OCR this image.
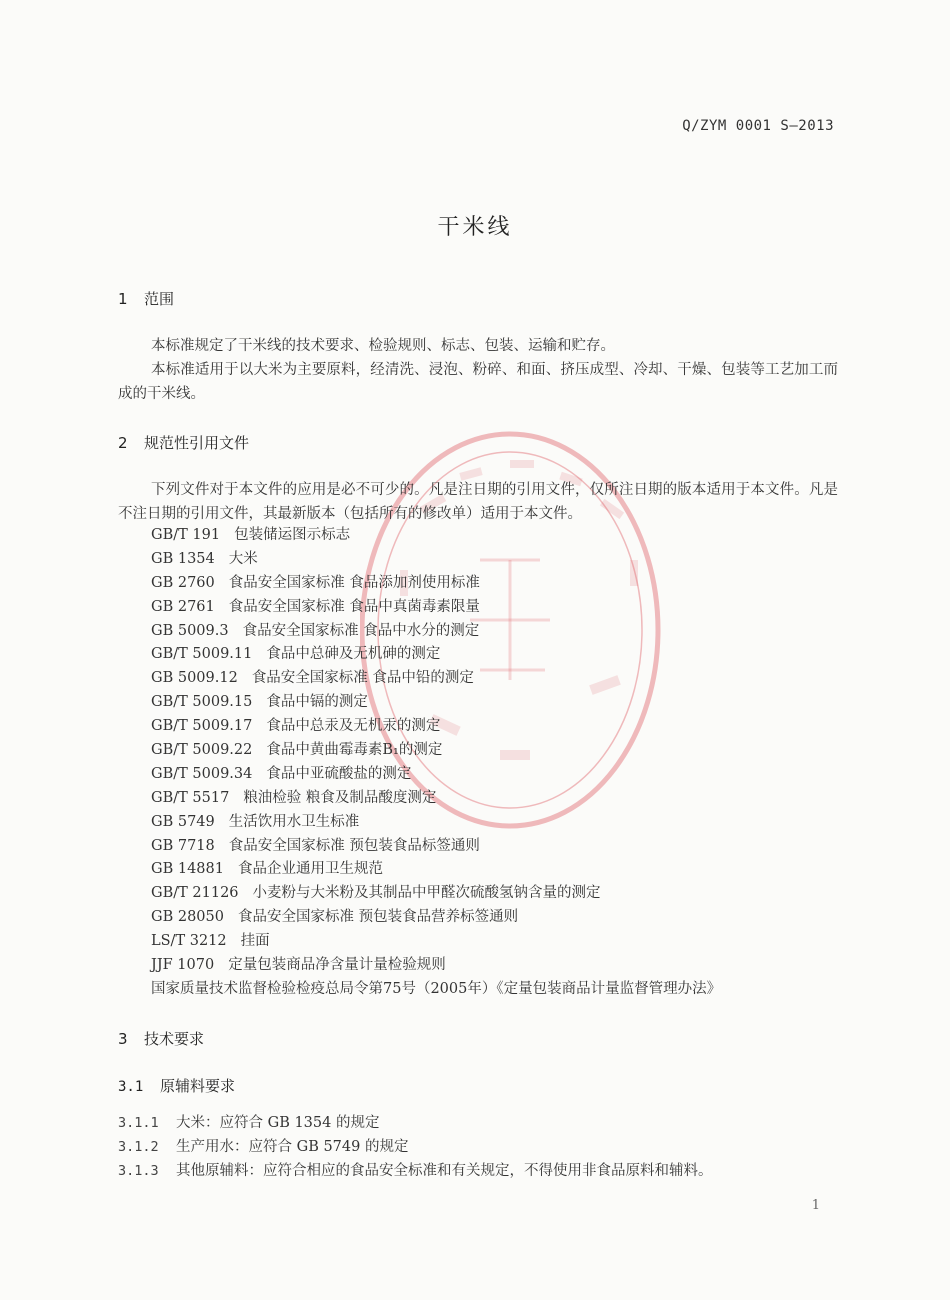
Q/ZYM 0001 S—2013
干米线
1 范围
本标准规定了干米线的技术要求、检验规则、标志、包装、运输和贮存。
本标准适用于以大米为主要原料，经清洗、浸泡、粉碎、和面、挤压成型、冷却、干燥、包装等工艺加工而成的干米线。
2 规范性引用文件
下列文件对于本文件的应用是必不可少的。凡是注日期的引用文件，仅所注日期的版本适用于本文件。凡是不注日期的引用文件，其最新版本（包括所有的修改单）适用于本文件。
GB/T 191 包装储运图示标志
GB 1354 大米
GB 2760 食品安全国家标准 食品添加剂使用标准
GB 2761 食品安全国家标准 食品中真菌毒素限量
GB 5009.3 食品安全国家标准 食品中水分的测定
GB/T 5009.11 食品中总砷及无机砷的测定
GB 5009.12 食品安全国家标准 食品中铅的测定
GB/T 5009.15 食品中镉的测定
GB/T 5009.17 食品中总汞及无机汞的测定
GB/T 5009.22 食品中黄曲霉毒素B₁的测定
GB/T 5009.34 食品中亚硫酸盐的测定
GB/T 5517 粮油检验 粮食及制品酸度测定
GB 5749 生活饮用水卫生标准
GB 7718 食品安全国家标准 预包装食品标签通则
GB 14881 食品企业通用卫生规范
GB/T 21126 小麦粉与大米粉及其制品中甲醛次硫酸氢钠含量的测定
GB 28050 食品安全国家标准 预包装食品营养标签通则
LS/T 3212 挂面
JJF 1070 定量包装商品净含量计量检验规则
国家质量技术监督检验检疫总局令第75号（2005年）《定量包装商品计量监督管理办法》
3 技术要求
3.1 原辅料要求
3.1.1 大米：应符合 GB 1354 的规定
3.1.2 生产用水：应符合 GB 5749 的规定
3.1.3 其他原辅料：应符合相应的食品安全标准和有关规定，不得使用非食品原料和辅料。
1
